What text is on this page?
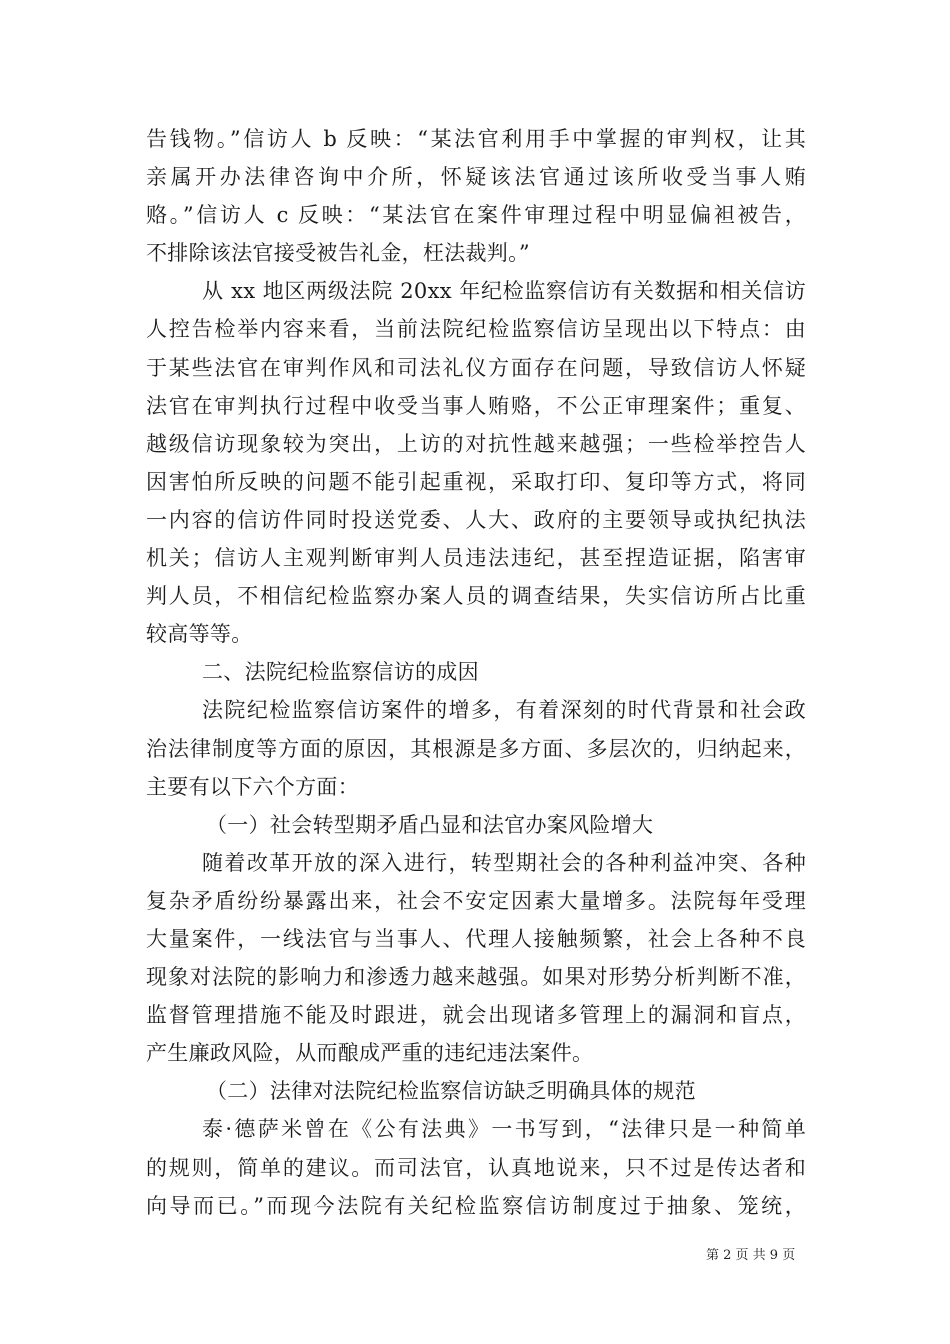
告钱物。”信访人 b 反映：“某法官利用手中掌握的审判权，让其
亲属开办法律咨询中介所，怀疑该法官通过该所收受当事人贿
赂。”信访人 c 反映：“某法官在案件审理过程中明显偏袒被告，
不排除该法官接受被告礼金，枉法裁判。”
从 xx 地区两级法院 20xx 年纪检监察信访有关数据和相关信访
人控告检举内容来看，当前法院纪检监察信访呈现出以下特点：由
于某些法官在审判作风和司法礼仪方面存在问题，导致信访人怀疑
法官在审判执行过程中收受当事人贿赂，不公正审理案件；重复、
越级信访现象较为突出，上访的对抗性越来越强；一些检举控告人
因害怕所反映的问题不能引起重视，采取打印、复印等方式，将同
一内容的信访件同时投送党委、人大、政府的主要领导或执纪执法
机关；信访人主观判断审判人员违法违纪，甚至捏造证据，陷害审
判人员，不相信纪检监察办案人员的调查结果，失实信访所占比重
较高等等。
二、法院纪检监察信访的成因
法院纪检监察信访案件的增多，有着深刻的时代背景和社会政
治法律制度等方面的原因，其根源是多方面、多层次的，归纳起来，
主要有以下六个方面：
（一）社会转型期矛盾凸显和法官办案风险增大
随着改革开放的深入进行，转型期社会的各种利益冲突、各种
复杂矛盾纷纷暴露出来，社会不安定因素大量增多。法院每年受理
大量案件，一线法官与当事人、代理人接触频繁，社会上各种不良
现象对法院的影响力和渗透力越来越强。如果对形势分析判断不准，
监督管理措施不能及时跟进，就会出现诸多管理上的漏洞和盲点，
产生廉政风险，从而酿成严重的违纪违法案件。
（二）法律对法院纪检监察信访缺乏明确具体的规范
泰·德萨米曾在《公有法典》一书写到，“法律只是一种简单
的规则，简单的建议。而司法官，认真地说来，只不过是传达者和
向导而已。”而现今法院有关纪检监察信访制度过于抽象、笼统，
第 2 页 共 9 页
